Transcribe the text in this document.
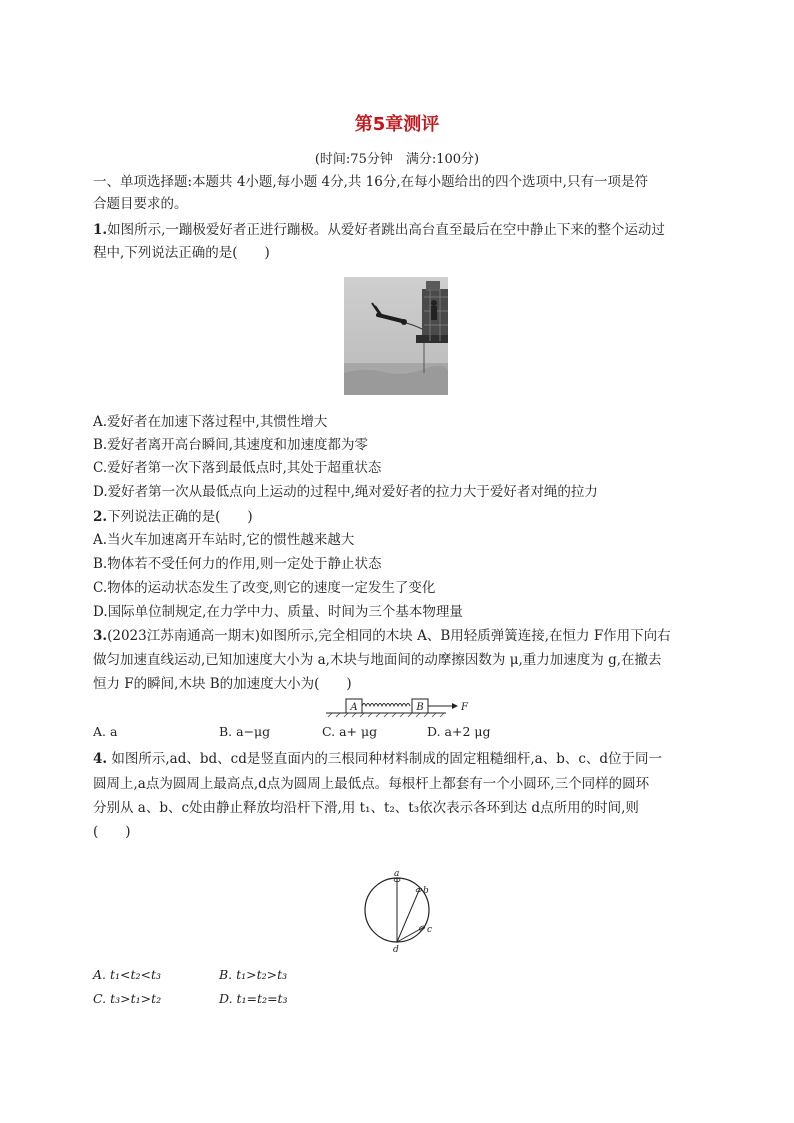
第5章测评
(时间:75分钟　满分:100分)
一、单项选择题:本题共 4小题,每小题 4分,共 16分,在每小题给出的四个选项中,只有一项是符
合题目要求的。
1.如图所示,一蹦极爱好者正进行蹦极。从爱好者跳出高台直至最后在空中静止下来的整个运动过
程中,下列说法正确的是(　　)
A.爱好者在加速下落过程中,其惯性增大
B.爱好者离开高台瞬间,其速度和加速度都为零
C.爱好者第一次下落到最低点时,其处于超重状态
D.爱好者第一次从最低点向上运动的过程中,绳对爱好者的拉力大于爱好者对绳的拉力
2.下列说法正确的是(　　)
A.当火车加速离开车站时,它的惯性越来越大
B.物体若不受任何力的作用,则一定处于静止状态
C.物体的运动状态发生了改变,则它的速度一定发生了变化
D.国际单位制规定,在力学中力、质量、时间为三个基本物理量
3.(2023江苏南通高一期末)如图所示,完全相同的木块 A、B用轻质弹簧连接,在恒力 F作用下向右
做匀加速直线运动,已知加速度大小为 a,木块与地面间的动摩擦因数为 μ,重力加速度为 g,在撤去
恒力 F的瞬间,木块 B的加速度大小为(　　)
A	B	F
A. a	B. a−μg	C. a+ μg	D. a+2 μg
4. 如图所示,ad、bd、cd是竖直面内的三根同种材料制成的固定粗糙细杆,a、b、c、d位于同一
圆周上,a点为圆周上最高点,d点为圆周上最低点。每根杆上都套有一个小圆环,三个同样的圆环
分别从 a、b、c处由静止释放均沿杆下滑,用 t₁、t₂、t₃依次表示各环到达 d点所用的时间,则
(　　)
a
b
c
d
A. t₁<t₂<t₃	B. t₁>t₂>t₃
C. t₃>t₁>t₂	D. t₁=t₂=t₃
